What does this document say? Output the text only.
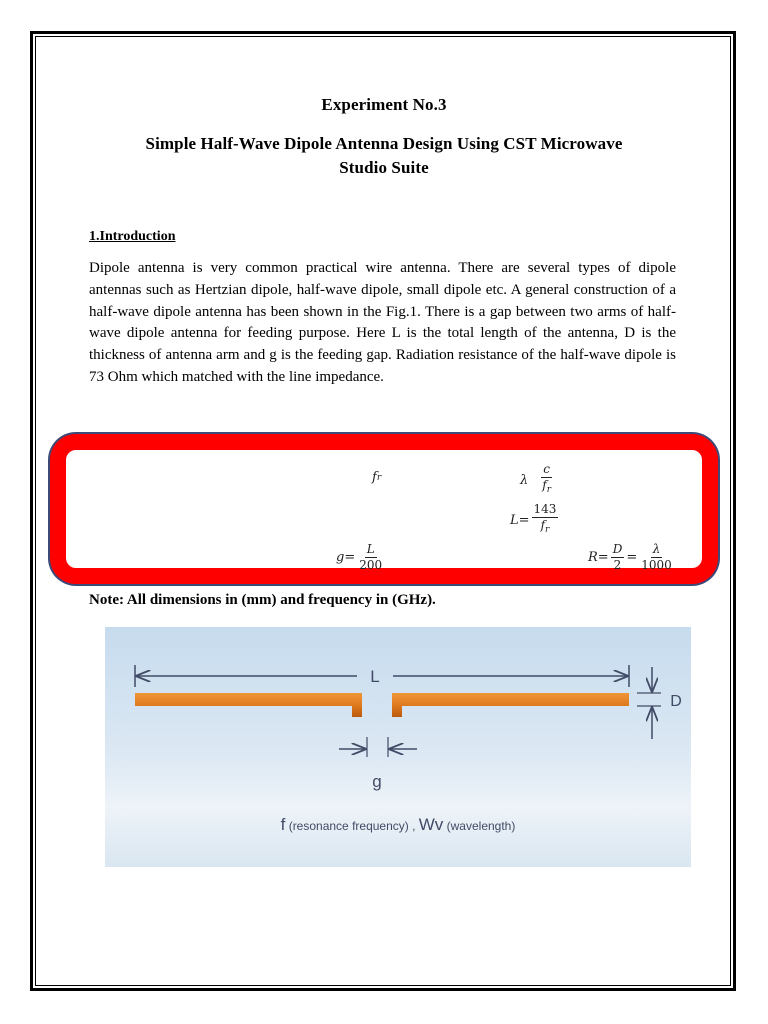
Experiment No.3
Simple Half-Wave Dipole Antenna Design Using CST Microwave
Studio Suite
1.Introduction

Dipole antenna is very common practical wire antenna. There are several types of dipole antennas such as Hertzian dipole, half-wave dipole, small dipole etc. A general construction of a half-wave dipole antenna has been shown in the Fig.1. There is a gap between two arms of half-wave dipole antenna for feeding purpose. Here L is the total length of the antenna, D is the thickness of antenna arm and g is the feeding gap. Radiation resistance of the half-wave dipole is 73 Ohm which matched with the line impedance.

f r	λ $\frac{c}{f_r}$
$L= \frac{143}{f_r}$
$g= \frac{L}{200}$	$R= \frac{D}{2} = \frac{\lambda}{1000}$
Note: All dimensions in (mm) and frequency in (GHz).
L
D
g
f (resonance frequency) , Wv (wavelength)
